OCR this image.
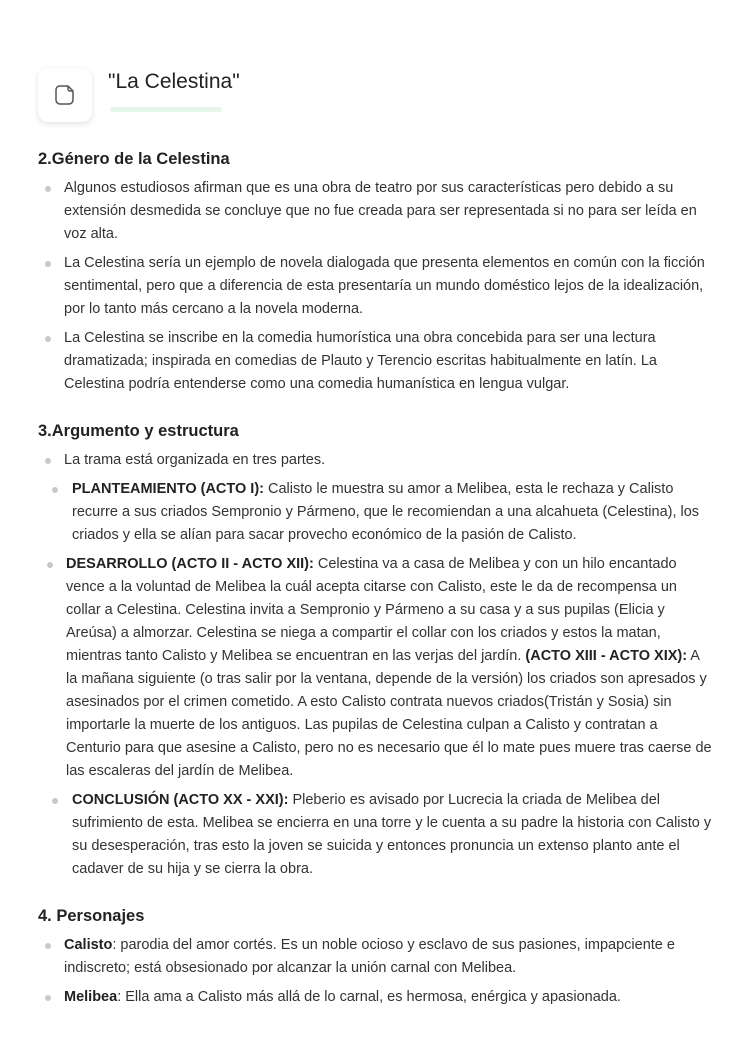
"La Celestina"
2.Género de la Celestina
Algunos estudiosos afirman que es una obra de teatro por sus características pero debido a su extensión desmedida se concluye que no fue creada para ser representada si no para ser leída en voz alta.
La Celestina sería un ejemplo de novela dialogada que presenta elementos en común con la ficción sentimental, pero que a diferencia de esta presentaría un mundo doméstico lejos de la idealización, por lo tanto más cercano a la novela moderna.
La Celestina se inscribe en la comedia humorística una obra concebida para ser una lectura dramatizada; inspirada en comedias de Plauto y Terencio escritas habitualmente en latín. La Celestina podría entenderse como una comedia humanística en lengua vulgar.
3.Argumento y estructura
La trama está organizada en tres partes.
PLANTEAMIENTO (ACTO I): Calisto le muestra su amor a Melibea, esta le rechaza y Calisto recurre a sus criados Sempronio y Pármeno, que le recomiendan a una alcahueta (Celestina), los criados y ella se alían para sacar provecho económico de la pasión de Calisto.
DESARROLLO (ACTO II - ACTO XII): Celestina va a casa de Melibea y con un hilo encantado vence a la voluntad de Melibea la cuál acepta citarse con Calisto, este le da de recompensa un collar a Celestina. Celestina invita a Sempronio y Pármeno a su casa y a sus pupilas (Elicia y Areúsa) a almorzar. Celestina se niega a compartir el collar con los criados y estos la matan, mientras tanto Calisto y Melibea se encuentran en las verjas del jardín. (ACTO XIII - ACTO XIX): A la mañana siguiente (o tras salir por la ventana, depende de la versión) los criados son apresados y asesinados por el crimen cometido. A esto Calisto contrata nuevos criados(Tristán y Sosia) sin importarle la muerte de los antiguos. Las pupilas de Celestina culpan a Calisto y contratan a Centurio para que asesine a Calisto, pero no es necesario que él lo mate pues muere tras caerse de las escaleras del jardín de Melibea.
CONCLUSIÓN (ACTO XX - XXI): Pleberio es avisado por Lucrecia la criada de Melibea del sufrimiento de esta. Melibea se encierra en una torre y le cuenta a su padre la historia con Calisto y su desesperación, tras esto la joven se suicida y entonces pronuncia un extenso planto ante el cadaver de su hija y se cierra la obra.
4. Personajes
Calisto: parodia del amor cortés. Es un noble ocioso y esclavo de sus pasiones, impapciente e indiscreto; está obsesionado por alcanzar la unión carnal con Melibea.
Melibea: Ella ama a Calisto más allá de lo carnal, es hermosa, enérgica y apasionada.
